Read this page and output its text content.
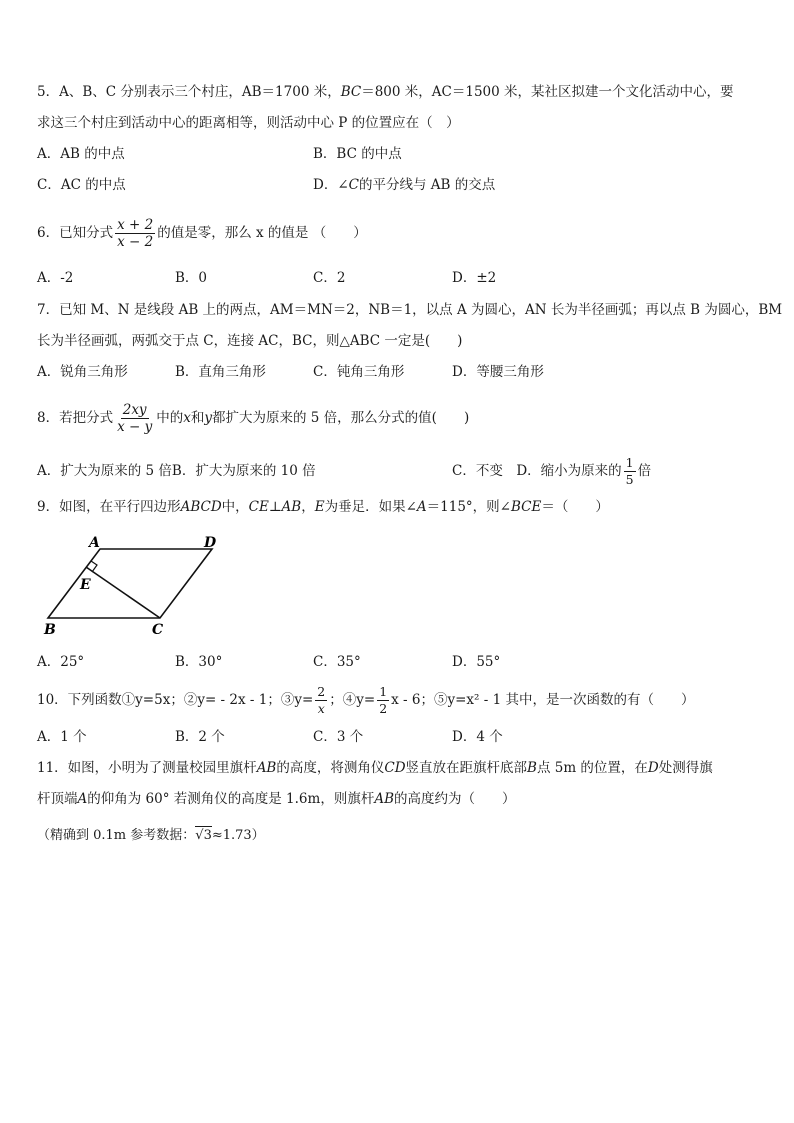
5．A、B、C 分别表示三个村庄，AB＝1700 米，BC＝800 米，AC＝1500 米，某社区拟建一个文化活动中心，要
求这三个村庄到活动中心的距离相等，则活动中心 P 的位置应在（　）
A．AB 的中点	B．BC 的中点
C．AC 的中点	D．∠C的平分线与 AB 的交点
6．已知分式 $\frac{x + 2}{x - 2}$ 的值是零，那么 x 的值是 （　　）
A．-2	B．0	C．2	D．±2
7．已知 M、N 是线段 AB 上的两点，AM＝MN＝2，NB＝1，以点 A 为圆心，AN 长为半径画弧；再以点 B 为圆心，BM
长为半径画弧，两弧交于点 C，连接 AC，BC，则△ABC 一定是(　　)
A．锐角三角形	B．直角三角形	C．钝角三角形	D．等腰三角形
8．若把分式 $\frac{2xy}{x - y}$ 中的x和y都扩大为原来的 5 倍，那么分式的值(　　)
A．扩大为原来的 5 倍B．扩大为原来的 10 倍	C．不变　D．缩小为原来的 $\frac{1}{5}$ 倍
9．如图，在平行四边形ABCD中，CE⊥AB，E为垂足．如果∠A＝115°，则∠BCE＝（　　）
A	D
E
B	C
A．25°	B．30°	C．35°	D．55°
10．下列函数①y=5x；②y= - 2x - 1；③y= $\frac{2}{x}$ ；④y= $\frac{1}{2}$ x - 6；⑤y=x² - 1 其中，是一次函数的有（　　）
A．1 个	B．2 个	C．3 个	D．4 个
11．如图，小明为了测量校园里旗杆AB的高度，将测角仪CD竖直放在距旗杆底部B点 5m 的位置，在D处测得旗
杆顶端A的仰角为 60° 若测角仪的高度是 1.6m，则旗杆AB的高度约为（　　）
（精确到 0.1m 参考数据：√3≈1.73）
